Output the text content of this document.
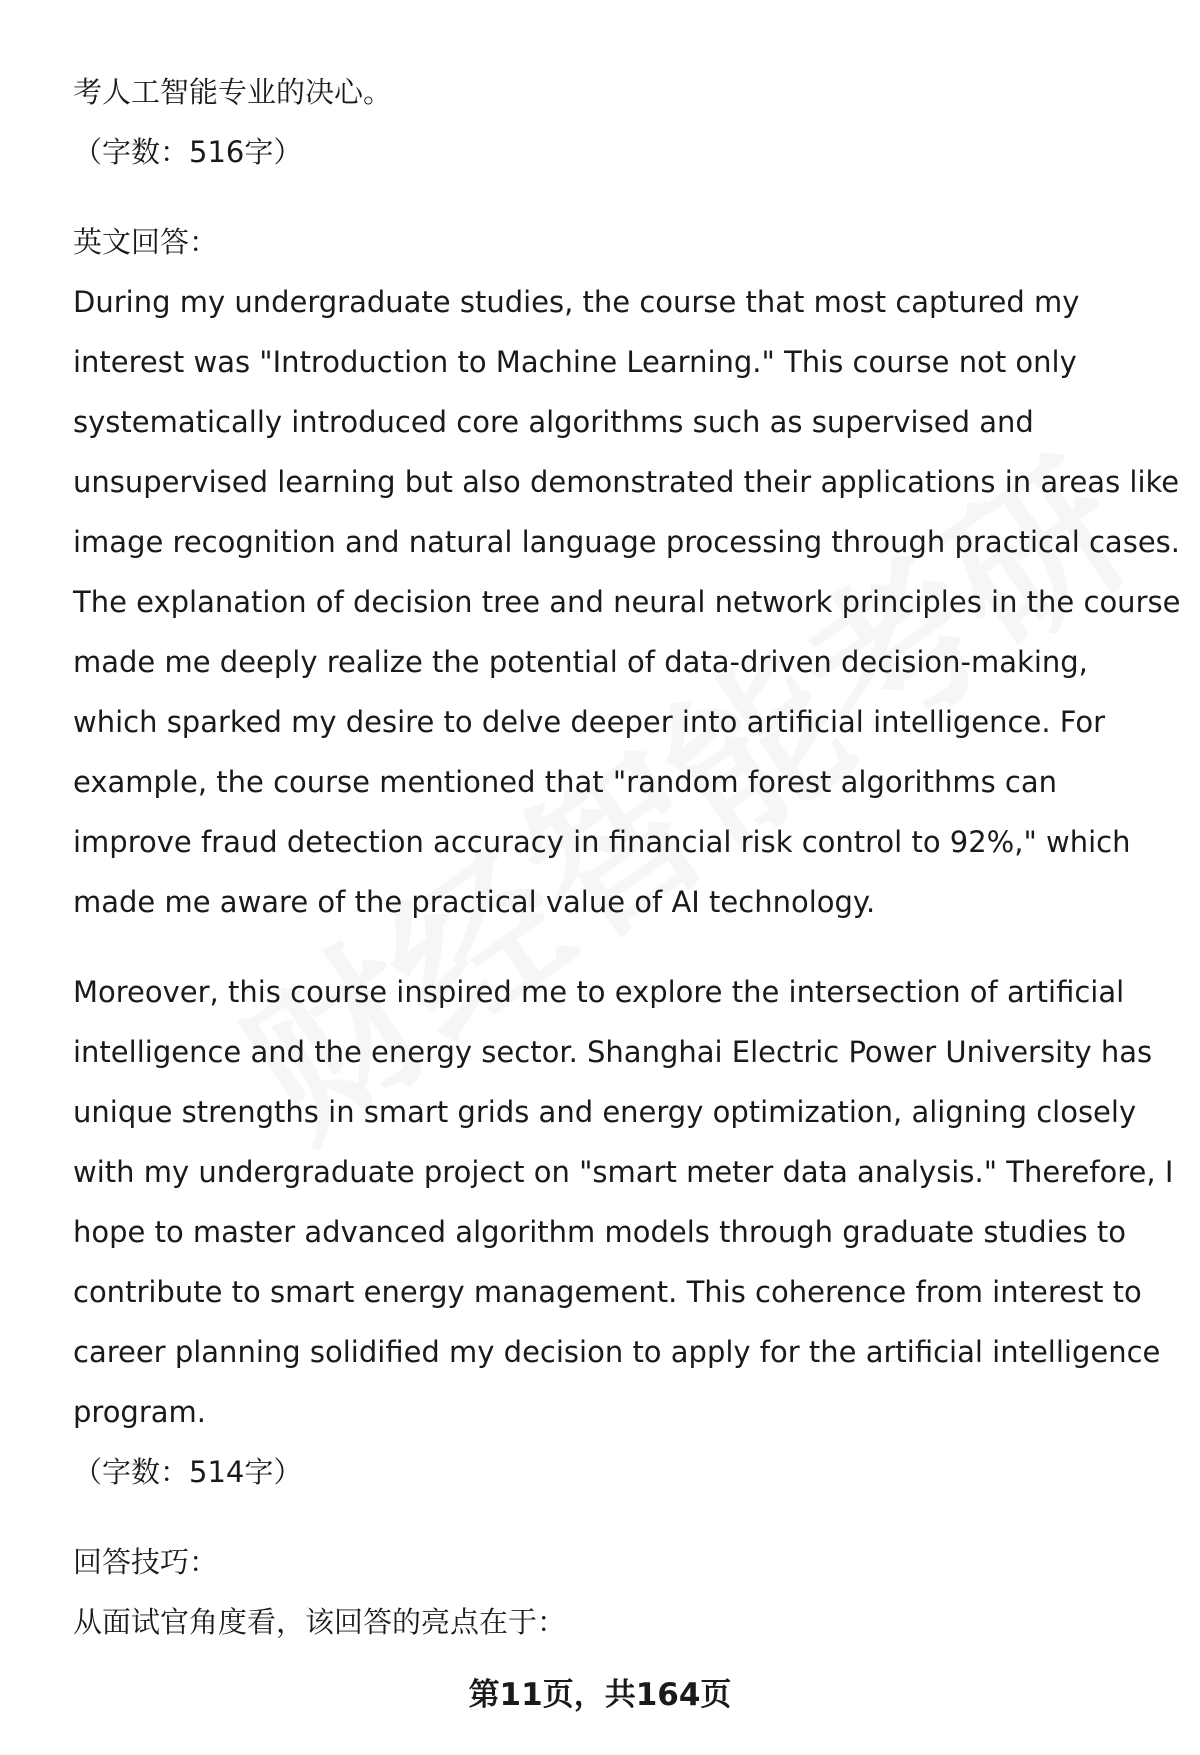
考人工智能专业的决心。

（字数：516字）

英文回答：

During my undergraduate studies, the course that most captured my

interest was "Introduction to Machine Learning." This course not only

systematically introduced core algorithms such as supervised and

unsupervised learning but also demonstrated their applications in areas like

image recognition and natural language processing through practical cases.

The explanation of decision tree and neural network principles in the course

made me deeply realize the potential of data-driven decision-making,

which sparked my desire to delve deeper into artificial intelligence. For

example, the course mentioned that "random forest algorithms can

improve fraud detection accuracy in financial risk control to 92%," which

made me aware of the practical value of AI technology.

Moreover, this course inspired me to explore the intersection of artificial

intelligence and the energy sector. Shanghai Electric Power University has

unique strengths in smart grids and energy optimization, aligning closely

with my undergraduate project on "smart meter data analysis." Therefore, I

hope to master advanced algorithm models through graduate studies to

contribute to smart energy management. This coherence from interest to

career planning solidified my decision to apply for the artificial intelligence

program.

（字数：514字）

回答技巧：

从面试官角度看，该回答的亮点在于：

第11页，共164页
